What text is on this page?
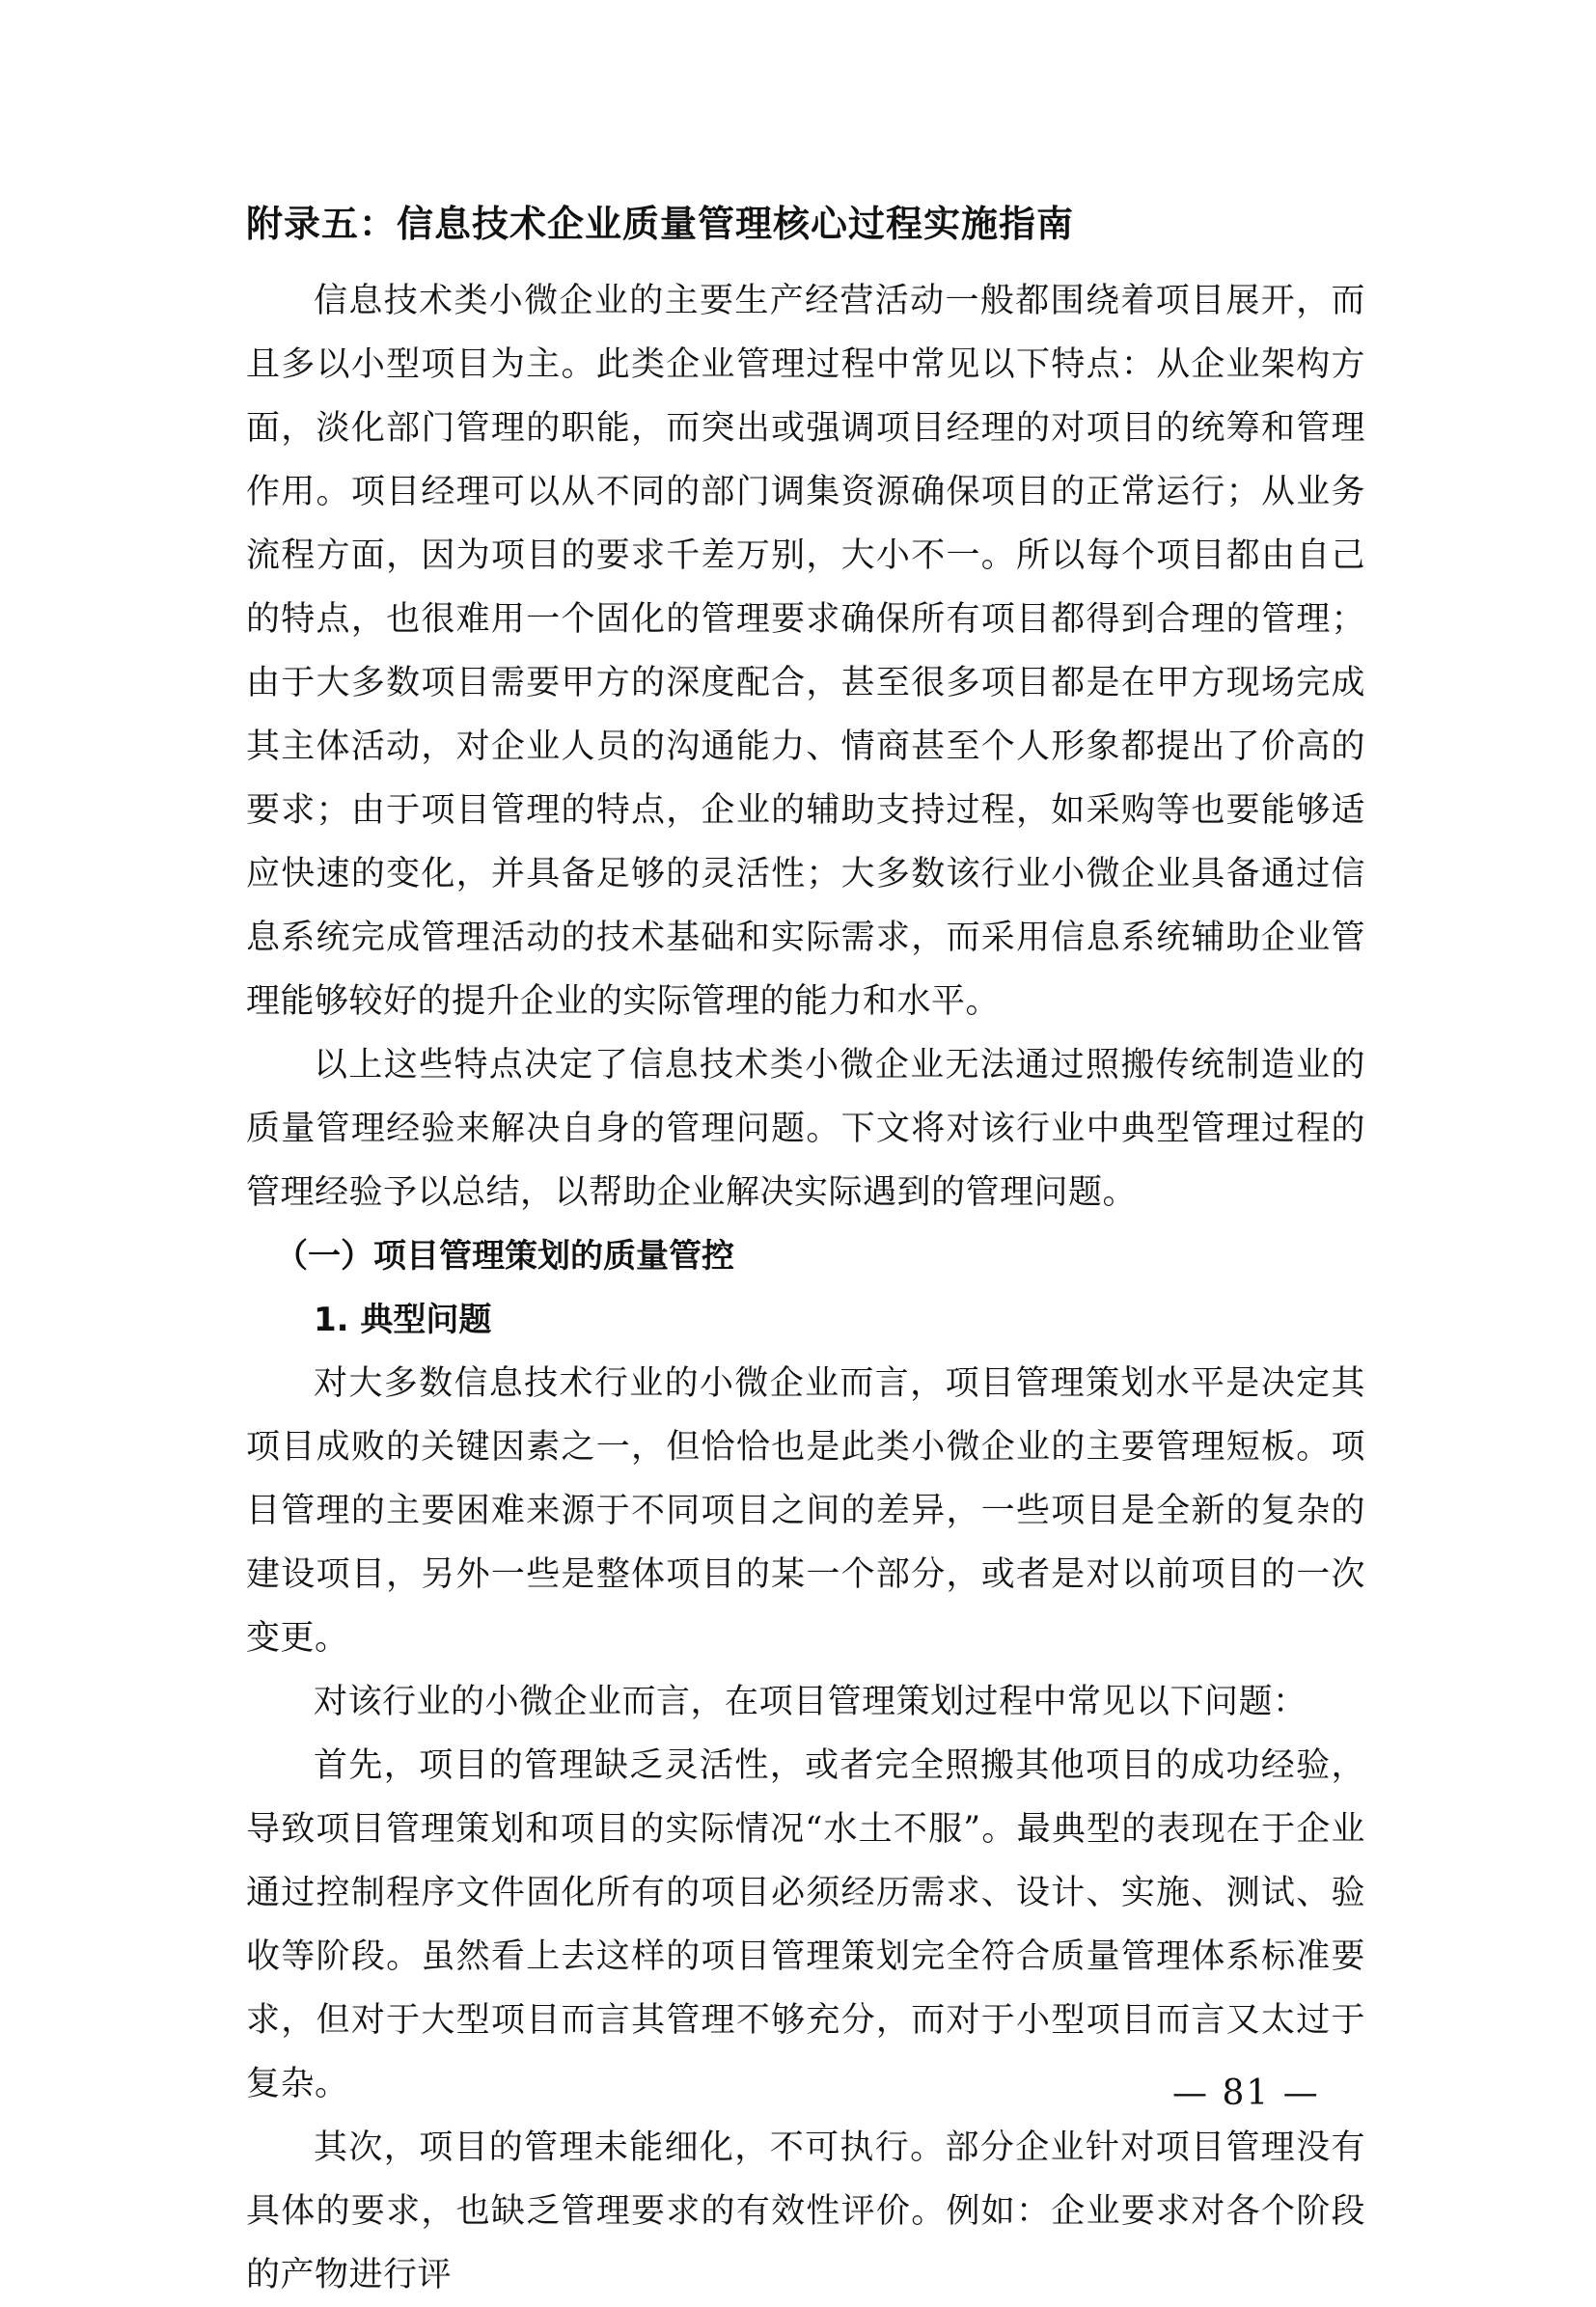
附录五：信息技术企业质量管理核心过程实施指南

信息技术类小微企业的主要生产经营活动一般都围绕着项目展开，而且多以小型项目为主。此类企业管理过程中常见以下特点：从企业架构方面，淡化部门管理的职能，而突出或强调项目经理的对项目的统筹和管理作用。项目经理可以从不同的部门调集资源确保项目的正常运行；从业务流程方面，因为项目的要求千差万别，大小不一。所以每个项目都由自己的特点，也很难用一个固化的管理要求确保所有项目都得到合理的管理；由于大多数项目需要甲方的深度配合，甚至很多项目都是在甲方现场完成其主体活动，对企业人员的沟通能力、情商甚至个人形象都提出了价高的要求；由于项目管理的特点，企业的辅助支持过程，如采购等也要能够适应快速的变化，并具备足够的灵活性；大多数该行业小微企业具备通过信息系统完成管理活动的技术基础和实际需求，而采用信息系统辅助企业管理能够较好的提升企业的实际管理的能力和水平。

以上这些特点决定了信息技术类小微企业无法通过照搬传统制造业的质量管理经验来解决自身的管理问题。下文将对该行业中典型管理过程的管理经验予以总结，以帮助企业解决实际遇到的管理问题。

（一）项目管理策划的质量管控
1. 典型问题

对大多数信息技术行业的小微企业而言，项目管理策划水平是决定其项目成败的关键因素之一，但恰恰也是此类小微企业的主要管理短板。项目管理的主要困难来源于不同项目之间的差异，一些项目是全新的复杂的建设项目，另外一些是整体项目的某一个部分，或者是对以前项目的一次变更。

对该行业的小微企业而言，在项目管理策划过程中常见以下问题：

首先，项目的管理缺乏灵活性，或者完全照搬其他项目的成功经验，导致项目管理策划和项目的实际情况“水土不服”。最典型的表现在于企业通过控制程序文件固化所有的项目必须经历需求、设计、实施、测试、验收等阶段。虽然看上去这样的项目管理策划完全符合质量管理体系标准要求，但对于大型项目而言其管理不够充分，而对于小型项目而言又太过于复杂。

其次，项目的管理未能细化，不可执行。部分企业针对项目管理没有具体的要求，也缺乏管理要求的有效性评价。例如：企业要求对各个阶段的产物进行评

— 81 —
